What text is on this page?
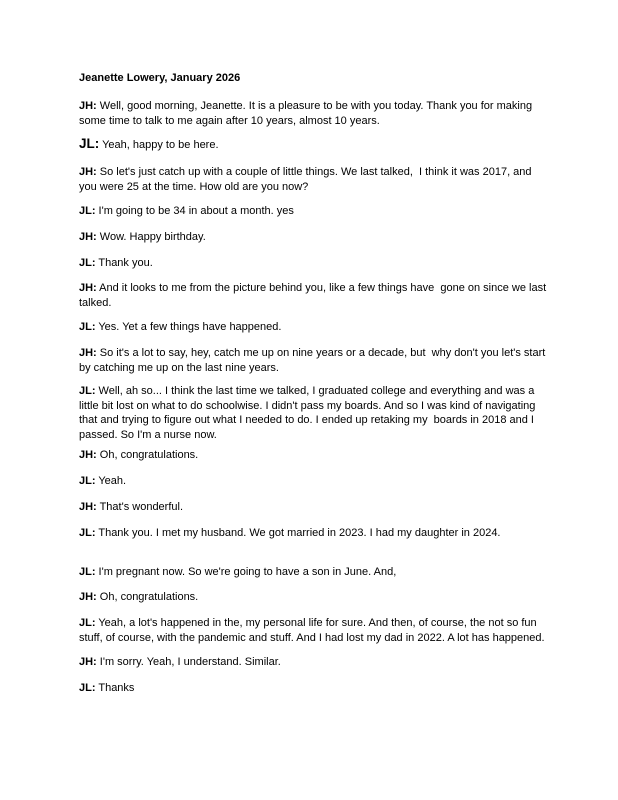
Jeanette Lowery, January 2026
JH: Well, good morning, Jeanette. It is a pleasure to be with you today. Thank you for making some time to talk to me again after 10 years, almost 10 years.
JL: Yeah, happy to be here.
JH: So let's just catch up with a couple of little things. We last talked,  I think it was 2017, and you were 25 at the time. How old are you now?
JL: I'm going to be 34 in about a month. yes
JH: Wow. Happy birthday.
JL: Thank you.
JH: And it looks to me from the picture behind you, like a few things have  gone on since we last talked.
JL: Yes. Yet a few things have happened.
JH: So it's a lot to say, hey, catch me up on nine years or a decade, but  why don't you let's start by catching me up on the last nine years.
JL: Well, ah so... I think the last time we talked, I graduated college and everything and was a little bit lost on what to do schoolwise. I didn't pass my boards. And so I was kind of navigating that and trying to figure out what I needed to do. I ended up retaking my  boards in 2018 and I passed. So I'm a nurse now.
JH: Oh, congratulations.
JL: Yeah.
JH: That's wonderful.
JL: Thank you. I met my husband. We got married in 2023. I had my daughter in 2024.
JL: I'm pregnant now. So we're going to have a son in June. And,
JH: Oh, congratulations.
JL: Yeah, a lot's happened in the, my personal life for sure. And then, of course, the not so fun stuff, of course, with the pandemic and stuff. And I had lost my dad in 2022. A lot has happened.
JH: I'm sorry. Yeah, I understand. Similar.
JL: Thanks
